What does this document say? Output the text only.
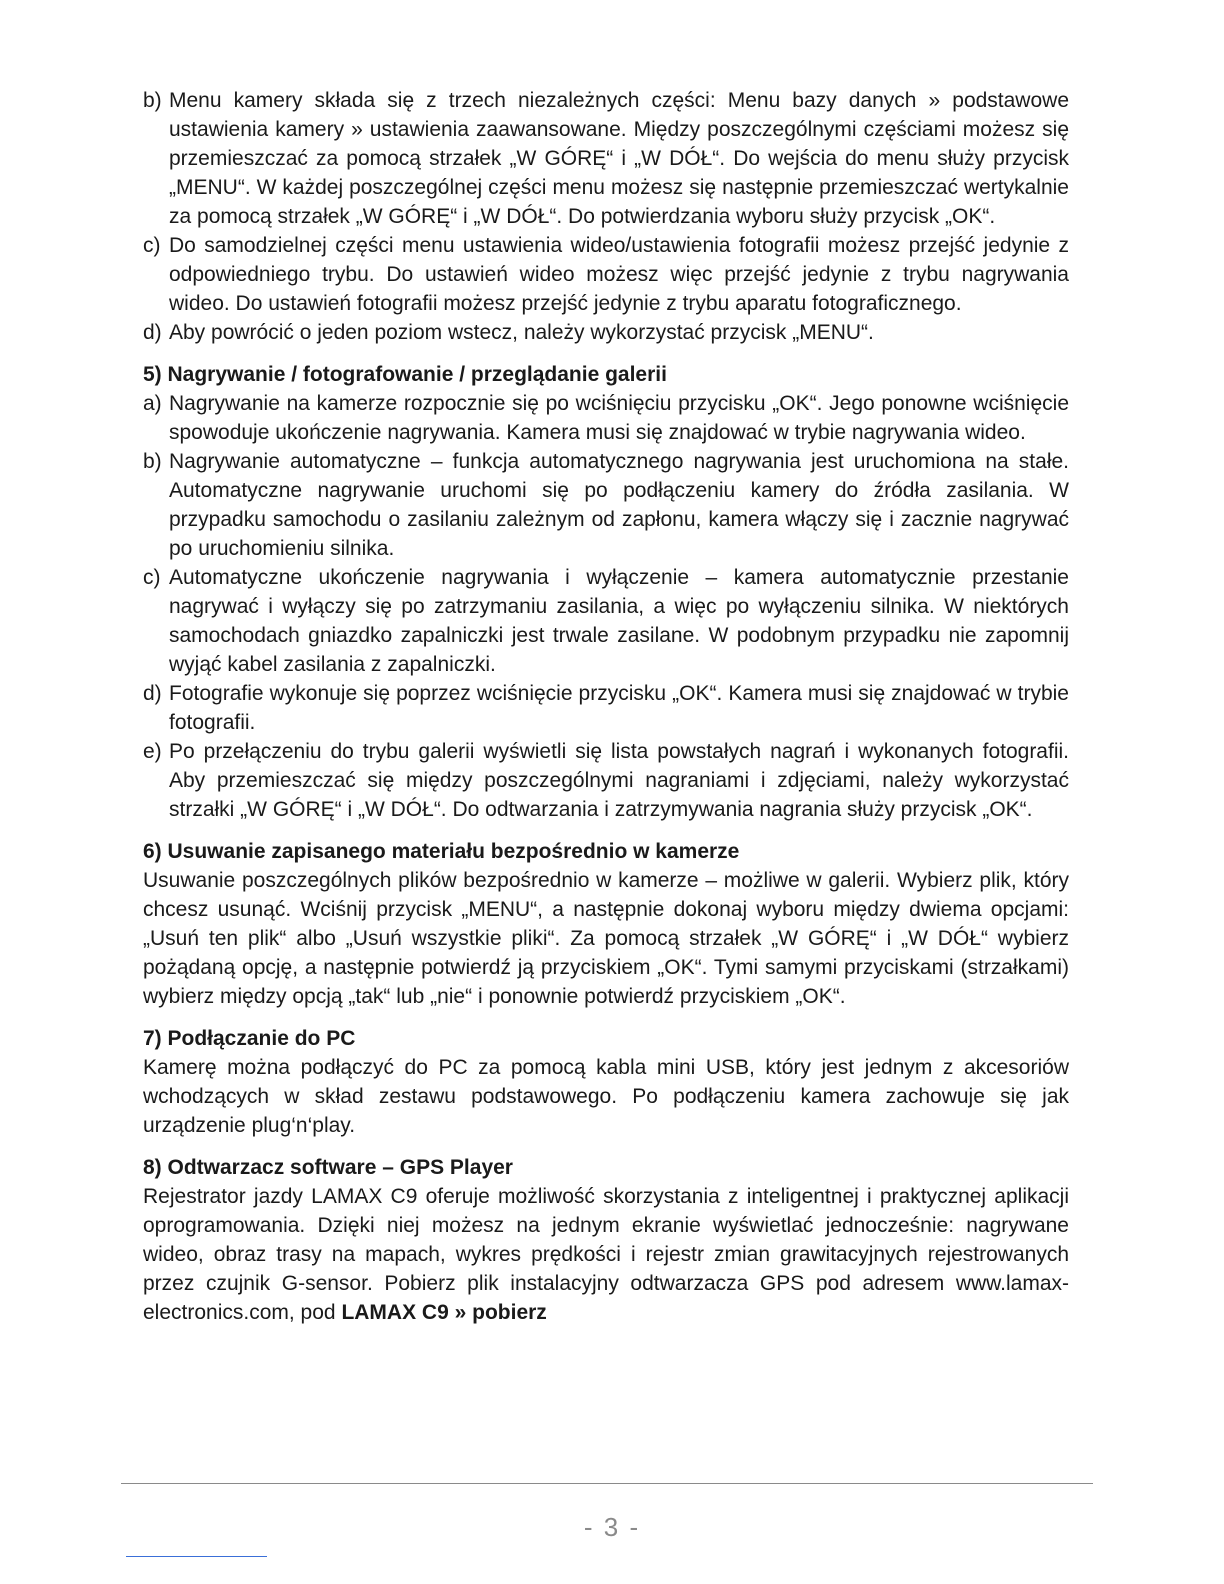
b) Menu kamery składa się z trzech niezależnych części: Menu bazy danych » podstawowe ustawienia kamery » ustawienia zaawansowane. Między poszczególnymi częściami możesz się przemieszczać za pomocą strzałek „W GÓRĘ“ i „W DÓŁ“. Do wejścia do menu służy przycisk „MENU“. W każdej poszczególnej części menu możesz się następnie przemieszczać wertykalnie za pomocą strzałek „W GÓRĘ“ i „W DÓŁ“. Do potwierdzania wyboru służy przycisk „OK“.
c) Do samodzielnej części menu ustawienia wideo/ustawienia fotografii możesz przejść jedynie z odpowiedniego trybu. Do ustawień wideo możesz więc przejść jedynie z trybu nagrywania wideo. Do ustawień fotografii możesz przejść jedynie z trybu aparatu fotograficznego.
d) Aby powrócić o jeden poziom wstecz, należy wykorzystać przycisk „MENU“.
5) Nagrywanie / fotografowanie / przeglądanie galerii
a) Nagrywanie na kamerze rozpocznie się po wciśnięciu przycisku „OK“. Jego ponowne wciśnięcie spowoduje ukończenie nagrywania. Kamera musi się znajdować w trybie nagrywania wideo.
b) Nagrywanie automatyczne – funkcja automatycznego nagrywania jest uruchomiona na stałe. Automatyczne nagrywanie uruchomi się po podłączeniu kamery do źródła zasilania. W przypadku samochodu o zasilaniu zależnym od zapłonu, kamera włączy się i zacznie nagrywać po uruchomieniu silnika.
c) Automatyczne ukończenie nagrywania i wyłączenie – kamera automatycznie przestanie nagrywać i wyłączy się po zatrzymaniu zasilania, a więc po wyłączeniu silnika. W niektórych samochodach gniazdko zapalniczki jest trwale zasilane. W podobnym przypadku nie zapomnij wyjąć kabel zasilania z zapalniczki.
d) Fotografie wykonuje się poprzez wciśnięcie przycisku „OK“. Kamera musi się znajdować w trybie fotografii.
e) Po przełączeniu do trybu galerii wyświetli się lista powstałych nagrań i wykonanych fotografii. Aby przemieszczać się między poszczególnymi nagraniami i zdjęciami, należy wykorzystać strzałki „W GÓRĘ“ i „W DÓŁ“. Do odtwarzania i zatrzymywania nagrania służy przycisk „OK“.
6) Usuwanie zapisanego materiału bezpośrednio w kamerze
Usuwanie poszczególnych plików bezpośrednio w kamerze – możliwe w galerii. Wybierz plik, który chcesz usunąć. Wciśnij przycisk „MENU“, a następnie dokonaj wyboru między dwiema opcjami: „Usuń ten plik“ albo „Usuń wszystkie pliki“. Za pomocą strzałek „W GÓRĘ“ i „W DÓŁ“ wybierz pożądaną opcję, a następnie potwierdź ją przyciskiem „OK“. Tymi samymi przyciskami (strzałkami) wybierz między opcją „tak“ lub „nie“ i ponownie potwierdź przyciskiem „OK“.
7) Podłączanie do PC
Kamerę można podłączyć do PC za pomocą kabla mini USB, który jest jednym z akcesoriów wchodzących w skład zestawu podstawowego. Po podłączeniu kamera zachowuje się jak urządzenie plug‘n‘play.
8) Odtwarzacz software – GPS Player
Rejestrator jazdy LAMAX C9 oferuje możliwość skorzystania z inteligentnej i praktycznej aplikacji oprogramowania. Dzięki niej możesz na jednym ekranie wyświetlać jednocześnie: nagrywane wideo, obraz trasy na mapach, wykres prędkości i rejestr zmian grawitacyjnych rejestrowanych przez czujnik G-sensor. Pobierz plik instalacyjny odtwarzacza GPS pod adresem www.lamax-electronics.com, pod LAMAX C9 » pobierz
- 3 -
